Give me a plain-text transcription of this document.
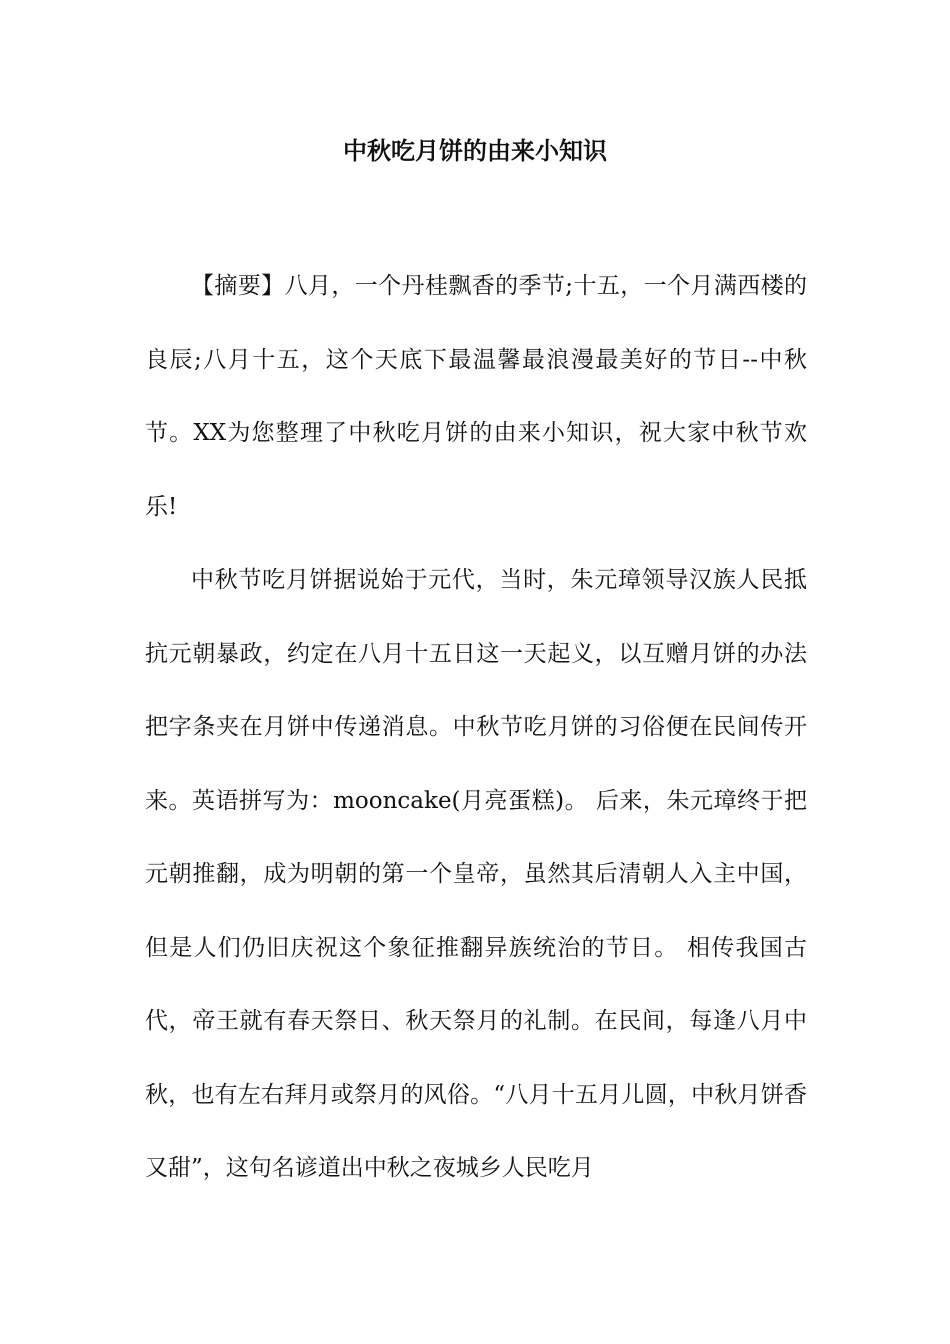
中秋吃月饼的由来小知识

【摘要】八月，一个丹桂飘香的季节;十五，一个月满西楼的良辰;八月十五，这个天底下最温馨最浪漫最美好的节日--中秋节。XX为您整理了中秋吃月饼的由来小知识，祝大家中秋节欢乐!

中秋节吃月饼据说始于元代，当时，朱元璋领导汉族人民抵抗元朝暴政，约定在八月十五日这一天起义，以互赠月饼的办法把字条夹在月饼中传递消息。中秋节吃月饼的习俗便在民间传开来。英语拼写为：mooncake(月亮蛋糕)。 后来，朱元璋终于把元朝推翻，成为明朝的第一个皇帝，虽然其后清朝人入主中国，但是人们仍旧庆祝这个象征推翻异族统治的节日。 相传我国古代，帝王就有春天祭日、秋天祭月的礼制。在民间，每逢八月中秋，也有左右拜月或祭月的风俗。“八月十五月儿圆，中秋月饼香又甜”，这句名谚道出中秋之夜城乡人民吃月
